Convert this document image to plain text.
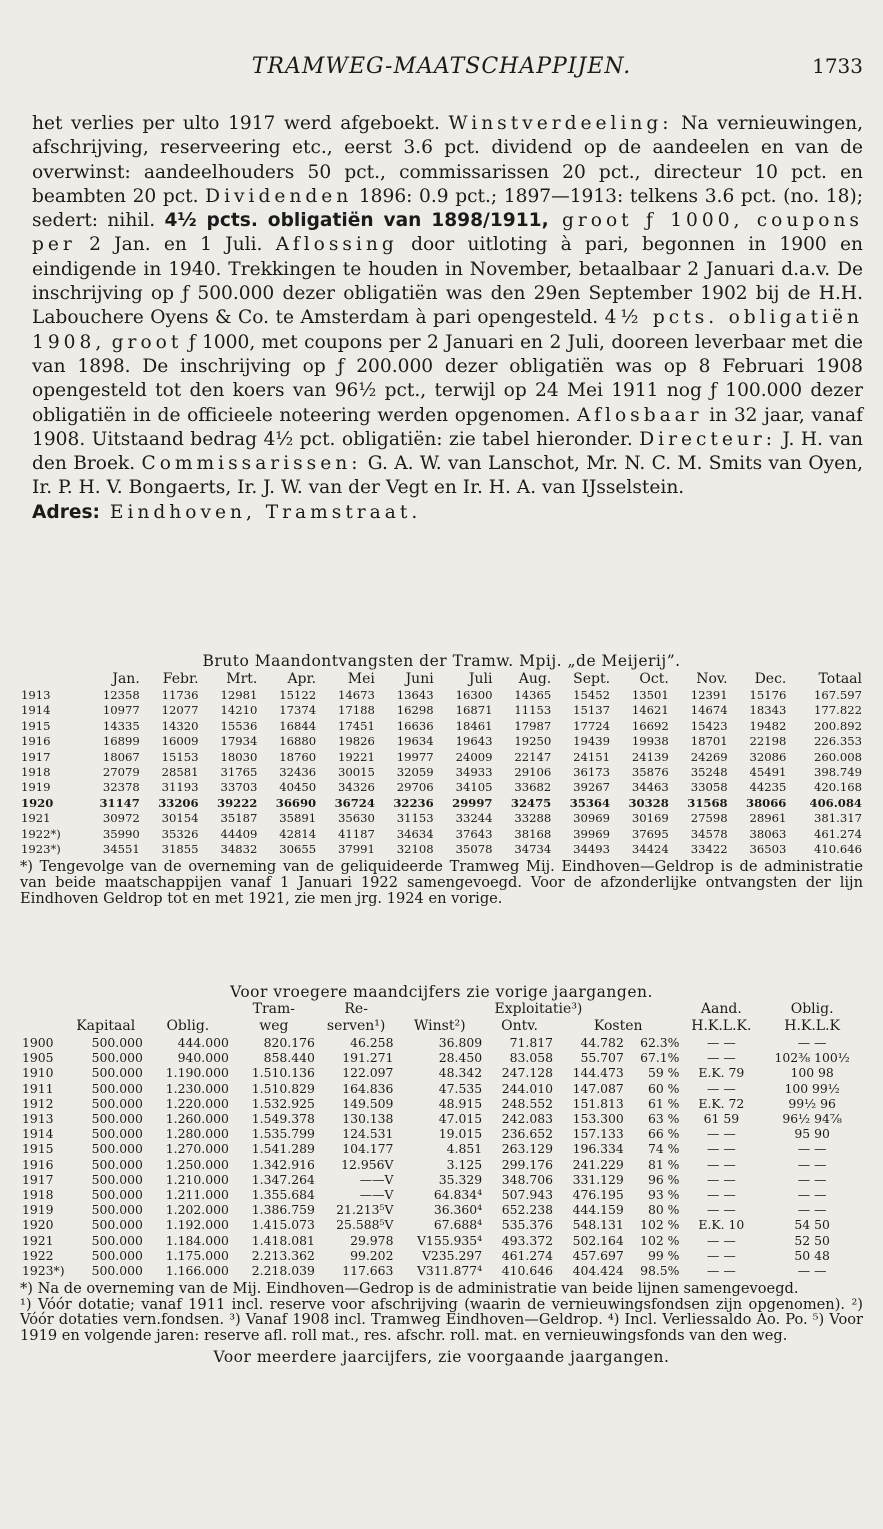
TRAMWEG-MAATSCHAPPIJEN.	1733

het verlies per ulto 1917 werd afgeboekt. Winstverdeeling: Na vernieuwingen, afschrijving, reserveering etc., eerst 3.6 pct. dividend op de aandeelen en van de overwinst: aandeelhouders 50 pct., commissarissen 20 pct., directeur 10 pct. en beambten 20 pct. Dividenden 1896: 0.9 pct.; 1897—1913: telkens 3.6 pct. (no. 18); sedert: nihil. 4½ pcts. obligatiën van 1898/1911, groot ƒ 1000, coupons per 2 Jan. en 1 Juli. Aflossing door uitloting à pari, begonnen in 1900 en eindigende in 1940. Trekkingen te houden in November, betaalbaar 2 Januari d.a.v. De inschrijving op ƒ 500.000 dezer obligatiën was den 29en September 1902 bij de H.H. Labouchere Oyens & Co. te Amsterdam à pari opengesteld. 4½ pcts. obligatiën 1908, groot ƒ 1000, met coupons per 2 Januari en 2 Juli, dooreen leverbaar met die van 1898. De inschrijving op ƒ 200.000 dezer obligatiën was op 8 Februari 1908 opengesteld tot den koers van 96½ pct., terwijl op 24 Mei 1911 nog ƒ 100.000 dezer obligatiën in de officieele noteering werden opgenomen. Aflosbaar in 32 jaar, vanaf 1908. Uitstaand bedrag 4½ pct. obligatiën: zie tabel hieronder. Directeur: J. H. van den Broek. Commissarissen: G. A. W. van Lanschot, Mr. N. C. M. Smits van Oyen, Ir. P. H. V. Bongaerts, Ir. J. W. van der Vegt en Ir. H. A. van IJsselstein.

Adres: Eindhoven, Tramstraat.

Bruto Maandontvangsten der Tramw. Mpij. „de Meijerij”.
	Jan.	Febr.	Mrt.	Apr.	Mei	Juni	Juli	Aug.	Sept.	Oct.	Nov.	Dec.	Totaal
1913	12358	11736	12981	15122	14673	13643	16300	14365	15452	13501	12391	15176	167.597
1914	10977	12077	14210	17374	17188	16298	16871	11153	15137	14621	14674	18343	177.822
1915	14335	14320	15536	16844	17451	16636	18461	17987	17724	16692	15423	19482	200.892
1916	16899	16009	17934	16880	19826	19634	19643	19250	19439	19938	18701	22198	226.353
1917	18067	15153	18030	18760	19221	19977	24009	22147	24151	24139	24269	32086	260.008
1918	27079	28581	31765	32436	30015	32059	34933	29106	36173	35876	35248	45491	398.749
1919	32378	31193	33703	40450	34326	29706	34105	33682	39267	34463	33058	44235	420.168
1920	31147	33206	39222	36690	36724	32236	29997	32475	35364	30328	31568	38066	406.084
1921	30972	30154	35187	35891	35630	31153	33244	33288	30969	30169	27598	28961	381.317
1922*)	35990	35326	44409	42814	41187	34634	37643	38168	39969	37695	34578	38063	461.274
1923*)	34551	31855	34832	30655	37991	32108	35078	34734	34493	34424	33422	36503	410.646
*) Tengevolge van de overneming van de geliquideerde Tramweg Mij. Eindhoven—Geldrop is de administratie van beide maatschappijen vanaf 1 Januari 1922 samengevoegd. Voor de afzonderlijke ontvangsten der lijn Eindhoven Geldrop tot en met 1921, zie men jrg. 1924 en vorige.
Voor vroegere maandcijfers zie vorige jaargangen.
			Tram-	Re-	Exploitatie³)				Aand.	Oblig.
	Kapitaal	Oblig.	weg	serven¹)	Winst²)	Ontv.	Kosten		H.K.L.K.	H.K.L.K
1900	500.000	444.000	820.176	46.258	36.809	71.817	44.782	62.3%	— —	— —
1905	500.000	940.000	858.440	191.271	28.450	83.058	55.707	67.1%	— —	102⅜ 100½
1910	500.000	1.190.000	1.510.136	122.097	48.342	247.128	144.473	59 %	E.K. 79	100 98
1911	500.000	1.230.000	1.510.829	164.836	47.535	244.010	147.087	60 %	— —	100 99½
1912	500.000	1.220.000	1.532.925	149.509	48.915	248.552	151.813	61 %	E.K. 72	99½ 96
1913	500.000	1.260.000	1.549.378	130.138	47.015	242.083	153.300	63 %	61 59	96½ 94⅞
1914	500.000	1.280.000	1.535.799	124.531	19.015	236.652	157.133	66 %	— —	95 90
1915	500.000	1.270.000	1.541.289	104.177	4.851	263.129	196.334	74 %	— —	— —
1916	500.000	1.250.000	1.342.916	12.956V	3.125	299.176	241.229	81 %	— —	— —
1917	500.000	1.210.000	1.347.264	——V	35.329	348.706	331.129	96 %	— —	— —
1918	500.000	1.211.000	1.355.684	——V	64.834⁴	507.943	476.195	93 %	— —	— —
1919	500.000	1.202.000	1.386.759	21.213⁵V	36.360⁴	652.238	444.159	80 %	— —	— —
1920	500.000	1.192.000	1.415.073	25.588⁵V	67.688⁴	535.376	548.131	102 %	E.K. 10	54 50
1921	500.000	1.184.000	1.418.081	29.978	V155.935⁴	493.372	502.164	102 %	— —	52 50
1922	500.000	1.175.000	2.213.362	99.202	V235.297	461.274	457.697	99 %	— —	50 48
1923*)	500.000	1.166.000	2.218.039	117.663	V311.877⁴	410.646	404.424	98.5%	— —	— —
*) Na de overneming van de Mij. Eindhoven—Gedrop is de administratie van beide lijnen samengevoegd.
¹) Vóór dotatie; vanaf 1911 incl. reserve voor afschrijving (waarin de vernieuwingsfondsen zijn opgenomen). ²) Vóór dotaties vern.fondsen. ³) Vanaf 1908 incl. Tramweg Eindhoven—Geldrop. ⁴) Incl. Verliessaldo Ao. Po. ⁵) Voor 1919 en volgende jaren: reserve afl. roll mat., res. afschr. roll. mat. en vernieuwingsfonds van den weg.
Voor meerdere jaarcijfers, zie voorgaande jaargangen.
